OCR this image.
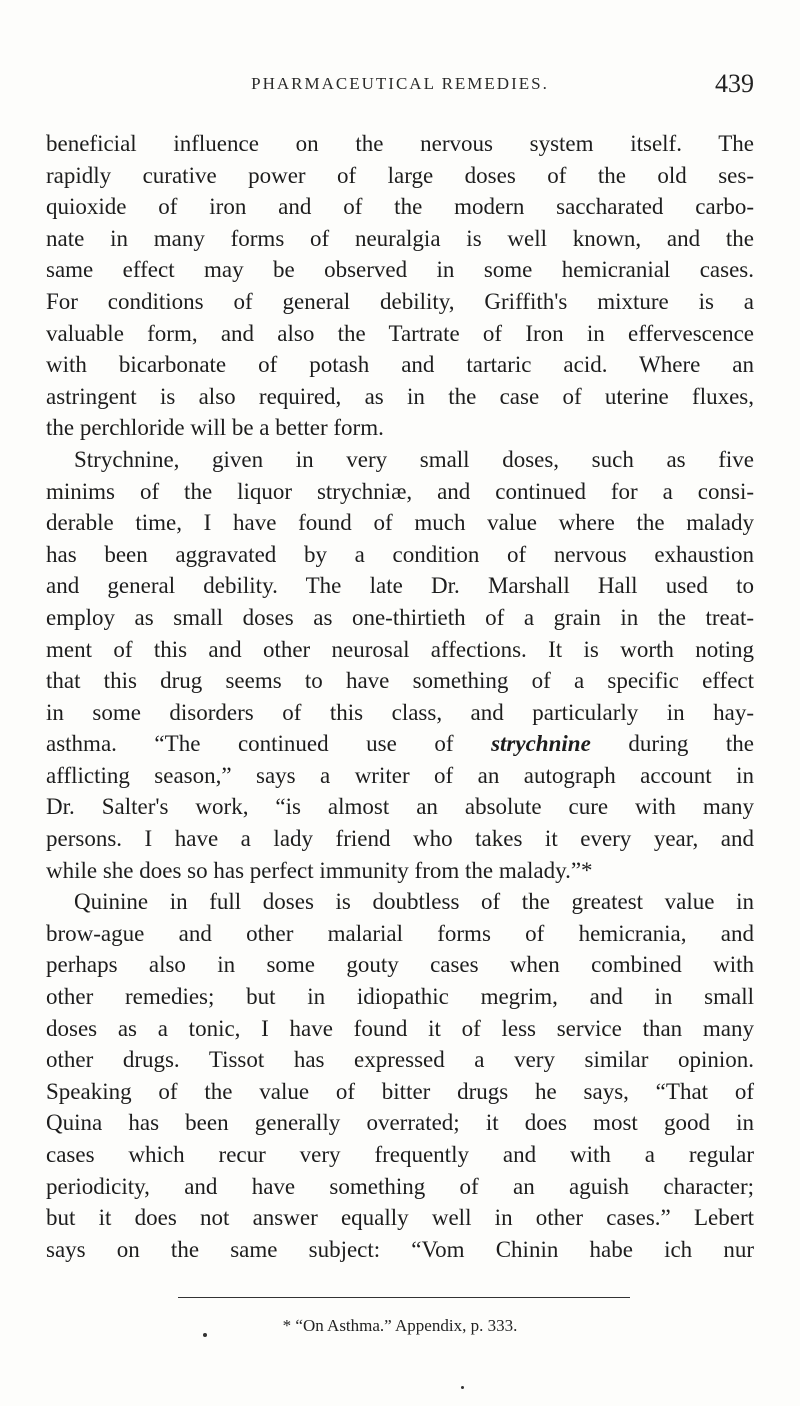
PHARMACEUTICAL REMEDIES.	439
beneficial influence on the nervous system itself. The
rapidly curative power of large doses of the old ses-
quioxide of iron and of the modern saccharated carbo-
nate in many forms of neuralgia is well known, and the
same effect may be observed in some hemicranial cases.
For conditions of general debility, Griffith's mixture is a
valuable form, and also the Tartrate of Iron in effervescence
with bicarbonate of potash and tartaric acid. Where an
astringent is also required, as in the case of uterine fluxes,
the perchloride will be a better form.
Strychnine, given in very small doses, such as five
minims of the liquor strychniæ, and continued for a consi-
derable time, I have found of much value where the malady
has been aggravated by a condition of nervous exhaustion
and general debility. The late Dr. Marshall Hall used to
employ as small doses as one-thirtieth of a grain in the treat-
ment of this and other neurosal affections. It is worth noting
that this drug seems to have something of a specific effect
in some disorders of this class, and particularly in hay-
asthma. “The continued use of strychnine during the
afflicting season,” says a writer of an autograph account in
Dr. Salter's work, “is almost an absolute cure with many
persons. I have a lady friend who takes it every year, and
while she does so has perfect immunity from the malady.”*
Quinine in full doses is doubtless of the greatest value in
brow-ague and other malarial forms of hemicrania, and
perhaps also in some gouty cases when combined with
other remedies; but in idiopathic megrim, and in small
doses as a tonic, I have found it of less service than many
other drugs. Tissot has expressed a very similar opinion.
Speaking of the value of bitter drugs he says, “That of
Quina has been generally overrated; it does most good in
cases which recur very frequently and with a regular
periodicity, and have something of an aguish character;
but it does not answer equally well in other cases.” Lebert
says on the same subject: “Vom Chinin habe ich nur
* “On Asthma.” Appendix, p. 333.
